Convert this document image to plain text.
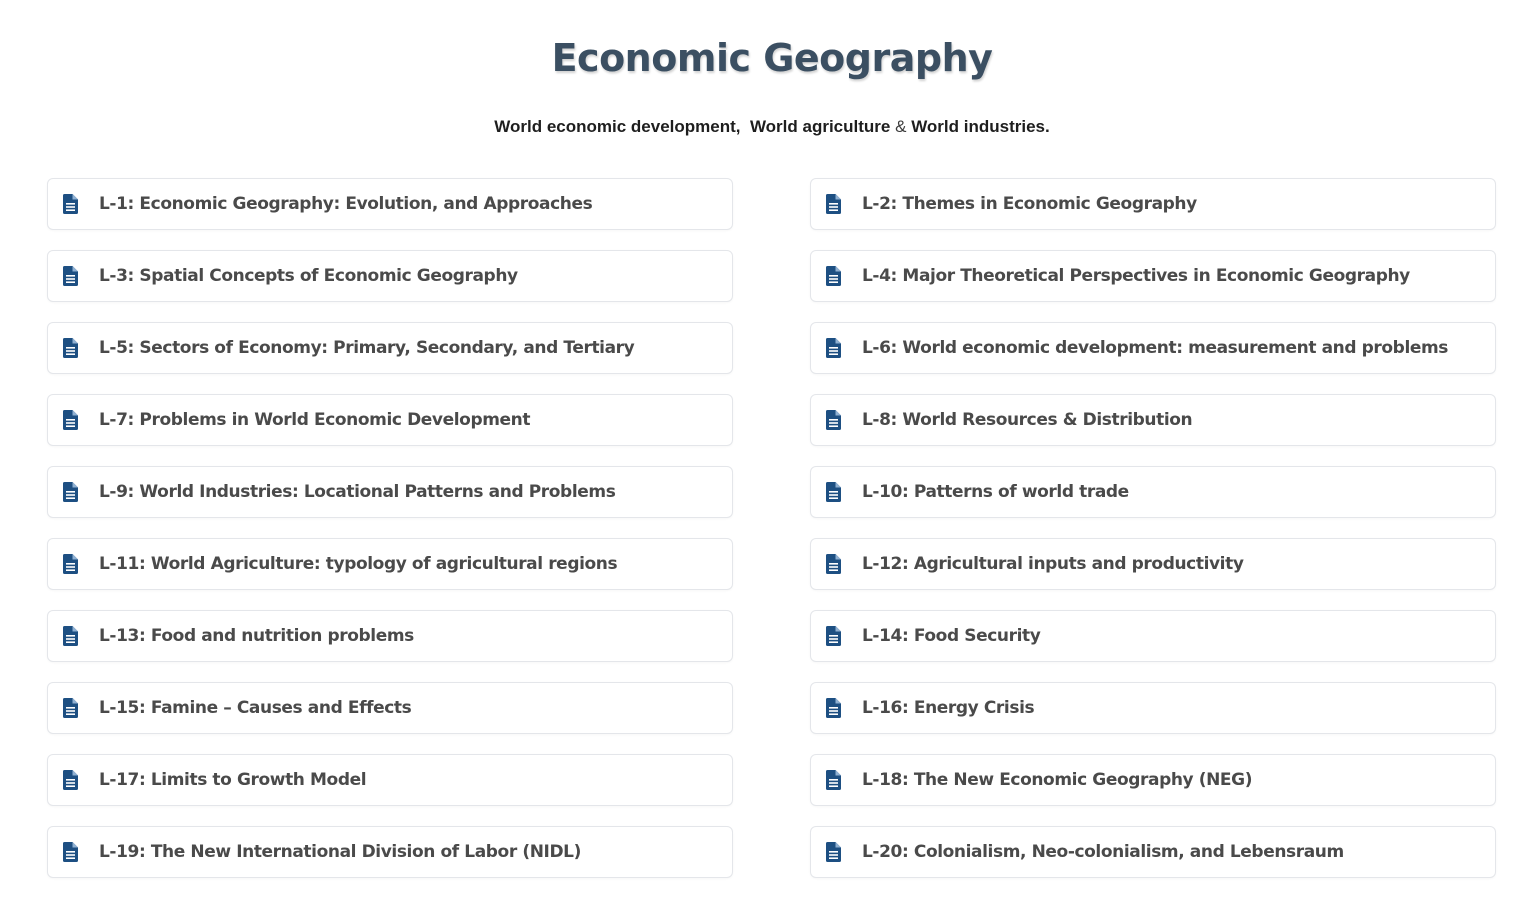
Economic Geography
World economic development, World agriculture & World industries.
L-1: Economic Geography: Evolution, and Approaches	L-2: Themes in Economic Geography
L-3: Spatial Concepts of Economic Geography	L-4: Major Theoretical Perspectives in Economic Geography
L-5: Sectors of Economy: Primary, Secondary, and Tertiary	L-6: World economic development: measurement and problems
L-7: Problems in World Economic Development	L-8: World Resources & Distribution
L-9: World Industries: Locational Patterns and Problems	L-10: Patterns of world trade
L-11: World Agriculture: typology of agricultural regions	L-12: Agricultural inputs and productivity
L-13: Food and nutrition problems	L-14: Food Security
L-15: Famine – Causes and Effects	L-16: Energy Crisis
L-17: Limits to Growth Model	L-18: The New Economic Geography (NEG)
L-19: The New International Division of Labor (NIDL)	L-20: Colonialism, Neo-colonialism, and Lebensraum
